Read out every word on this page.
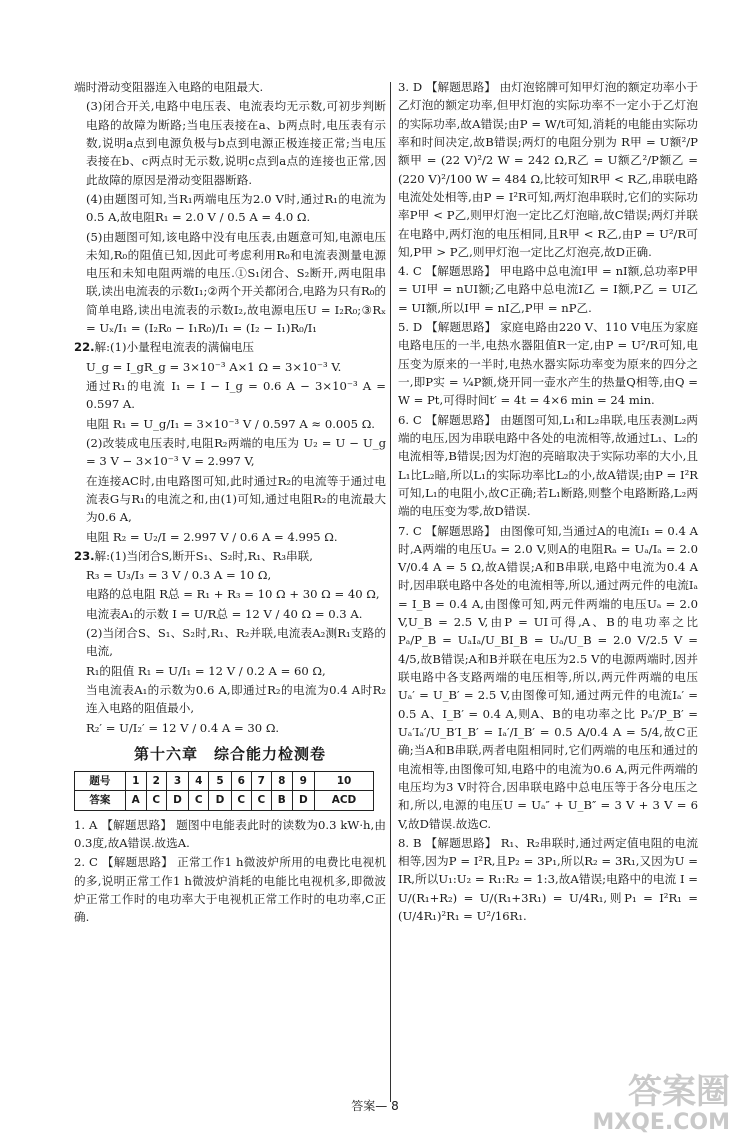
端时滑动变阻器连入电路的电阻最大.

(3)闭合开关,电路中电压表、电流表均无示数,可初步判断电路的故障为断路;当电压表接在a、b两点时,电压表有示数,说明a点到电源负极与b点到电源正极连接正常;当电压表接在b、c两点时无示数,说明c点到a点的连接也正常,因此故障的原因是滑动变阻器断路.

(4)由题图可知,当R₁两端电压为2.0 V时,通过R₁的电流为0.5 A,故电阻R₁ = 2.0 V / 0.5 A = 4.0 Ω.

(5)由题图可知,该电路中没有电压表,由题意可知,电源电压未知,R₀的阻值已知,因此可考虑利用R₀和电流表测量电源电压和未知电阻两端的电压.①S₁闭合、S₂断开,两电阻串联,读出电流表的示数I₁;②两个开关都闭合,电路为只有R₀的简单电路,读出电流表的示数I₂,故电源电压U = I₂R₀;③Rₓ = Uₓ/I₁ = (I₂R₀ − I₁R₀)/I₁ = (I₂ − I₁)R₀/I₁

22.解:(1)小量程电流表的满偏电压

U_g = I_gR_g = 3×10⁻³ A×1 Ω = 3×10⁻³ V.

通过R₁的电流 I₁ = I − I_g = 0.6 A − 3×10⁻³ A = 0.597 A.

电阻 R₁ = U_g/I₁ = 3×10⁻³ V / 0.597 A ≈ 0.005 Ω.

(2)改装成电压表时,电阻R₂两端的电压为 U₂ = U − U_g = 3 V − 3×10⁻³ V = 2.997 V,

在连接AC时,由电路图可知,此时通过R₂的电流等于通过电流表G与R₁的电流之和,由(1)可知,通过电阻R₂的电流最大为0.6 A,

电阻 R₂ = U₂/I = 2.997 V / 0.6 A = 4.995 Ω.

23.解:(1)当闭合S,断开S₁、S₂时,R₁、R₃串联,

R₃ = U₃/I₃ = 3 V / 0.3 A = 10 Ω,

电路的总电阻 R总 = R₁ + R₃ = 10 Ω + 30 Ω = 40 Ω,

电流表A₁的示数 I = U/R总 = 12 V / 40 Ω = 0.3 A.

(2)当闭合S、S₁、S₂时,R₁、R₂并联,电流表A₂测R₁支路的电流,

R₁的阻值 R₁ = U/I₁ = 12 V / 0.2 A = 60 Ω,

当电流表A₁的示数为0.6 A,即通过R₂的电流为0.4 A时R₂连入电路的阻值最小,

R₂′ = U/I₂′ = 12 V / 0.4 A = 30 Ω.

第十六章　综合能力检测卷
题号	1	2	3	4	5	6	7	8	9	10
答案	A	C	D	C	D	C	C	B	D	ACD

1. A 【解题思路】 题图中电能表此时的读数为0.3 kW·h,由0.3度,故A错误.故选A.

2. C 【解题思路】 正常工作1 h微波炉所用的电费比电视机的多,说明正常工作1 h微波炉消耗的电能比电视机多,即微波炉正常工作时的电功率大于电视机正常工作时的电功率,C正确.

3. D 【解题思路】 由灯泡铭牌可知甲灯泡的额定功率小于乙灯泡的额定功率,但甲灯泡的实际功率不一定小于乙灯泡的实际功率,故A错误;由P = W/t可知,消耗的电能由实际功率和时间决定,故B错误;两灯的电阻分别为 R甲 = U额²/P额甲 = (22 V)²/2 W = 242 Ω,R乙 = U额乙²/P额乙 = (220 V)²/100 W = 484 Ω,比较可知R甲 < R乙,串联电路电流处处相等,由P = I²R可知,两灯泡串联时,它们的实际功率P甲 < P乙,则甲灯泡一定比乙灯泡暗,故C错误;两灯并联在电路中,两灯泡的电压相同,且R甲 < R乙,由P = U²/R可知,P甲 > P乙,则甲灯泡一定比乙灯泡亮,故D正确.

4. C 【解题思路】 甲电路中总电流I甲 = nI额,总功率P甲 = UI甲 = nUI额;乙电路中总电流I乙 = I额,P乙 = UI乙 = UI额,所以I甲 = nI乙,P甲 = nP乙.

5. D 【解题思路】 家庭电路由220 V、110 V电压为家庭电路电压的一半,电热水器阻值R一定,由P = U²/R可知,电压变为原来的一半时,电热水器实际功率变为原来的四分之一,即P实 = ¼P额,烧开同一壶水产生的热量Q相等,由Q = W = Pt,可得时间t′ = 4t = 4×6 min = 24 min.

6. C 【解题思路】 由题图可知,L₁和L₂串联,电压表测L₂两端的电压,因为串联电路中各处的电流相等,故通过L₁、L₂的电流相等,B错误;因为灯泡的亮暗取决于实际功率的大小,且L₁比L₂暗,所以L₁的实际功率比L₂的小,故A错误;由P = I²R可知,L₁的电阻小,故C正确;若L₁断路,则整个电路断路,L₂两端的电压变为零,故D错误.

7. C 【解题思路】 由图像可知,当通过A的电流I₁ = 0.4 A时,A两端的电压Uₐ = 2.0 V,则A的电阻Rₐ = Uₐ/Iₐ = 2.0 V/0.4 A = 5 Ω,故A错误;A和B串联,电路中电流为0.4 A时,因串联电路中各处的电流相等,所以,通过两元件的电流Iₐ = I_B = 0.4 A,由图像可知,两元件两端的电压Uₐ = 2.0 V,U_B = 2.5 V,由P = UI可得,A、B的电功率之比 Pₐ/P_B = UₐIₐ/U_BI_B = Uₐ/U_B = 2.0 V/2.5 V = 4/5,故B错误;A和B并联在电压为2.5 V的电源两端时,因并联电路中各支路两端的电压相等,所以,两元件两端的电压Uₐ′ = U_B′ = 2.5 V,由图像可知,通过两元件的电流Iₐ′ = 0.5 A、I_B′ = 0.4 A,则A、B的电功率之比 Pₐ′/P_B′ = Uₐ′Iₐ′/U_B′I_B′ = Iₐ′/I_B′ = 0.5 A/0.4 A = 5/4,故C正确;当A和B串联,两者电阻相同时,它们两端的电压和通过的电流相等,由图像可知,电路中的电流为0.6 A,两元件两端的电压均为3 V时符合,因串联电路中总电压等于各分电压之和,所以,电源的电压U = Uₐ″ + U_B″ = 3 V + 3 V = 6 V,故D错误.故选C.

8. B 【解题思路】 R₁、R₂串联时,通过两定值电阻的电流相等,因为P = I²R,且P₂ = 3P₁,所以R₂ = 3R₁,又因为U = IR,所以U₁:U₂ = R₁:R₂ = 1:3,故A错误;电路中的电流 I = U/(R₁+R₂) = U/(R₁+3R₁) = U/4R₁,则P₁ = I²R₁ = (U/4R₁)²R₁ = U²/16R₁.

答案— 8	答案圈
MXQE.COM
